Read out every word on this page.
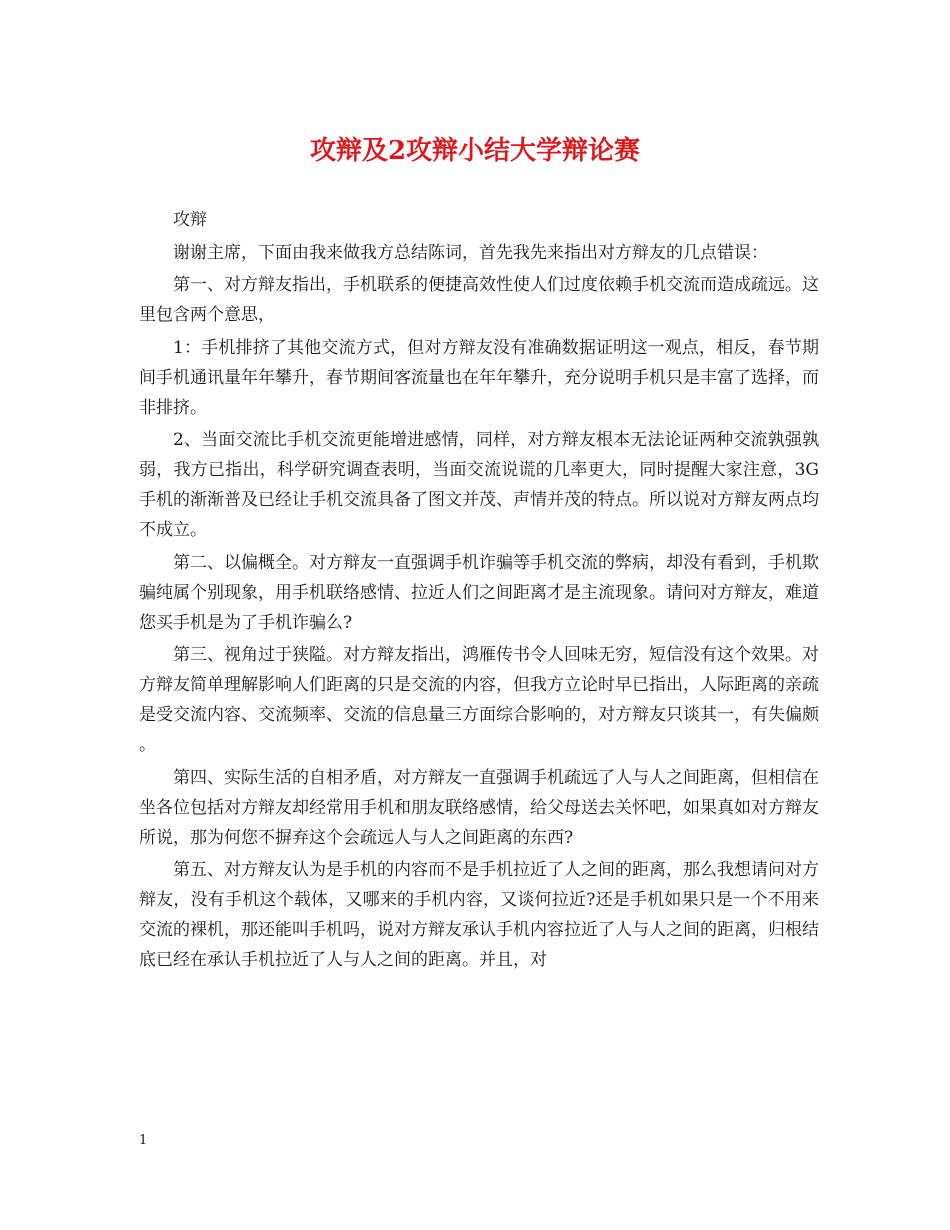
攻辩及2攻辩小结大学辩论赛

攻辩

谢谢主席，下面由我来做我方总结陈词，首先我先来指出对方辩友的几点错误：

第一、对方辩友指出，手机联系的便捷高效性使人们过度依赖手机交流而造成疏远。这里包含两个意思，

1：手机排挤了其他交流方式，但对方辩友没有准确数据证明这一观点，相反，春节期间手机通讯量年年攀升，春节期间客流量也在年年攀升，充分说明手机只是丰富了选择，而非排挤。

2、当面交流比手机交流更能增进感情，同样，对方辩友根本无法论证两种交流孰强孰弱，我方已指出，科学研究调查表明，当面交流说谎的几率更大，同时提醒大家注意，3G手机的渐渐普及已经让手机交流具备了图文并茂、声情并茂的特点。所以说对方辩友两点均不成立。

第二、以偏概全。对方辩友一直强调手机诈骗等手机交流的弊病，却没有看到，手机欺骗纯属个别现象，用手机联络感情、拉近人们之间距离才是主流现象。请问对方辩友，难道您买手机是为了手机诈骗么?

第三、视角过于狭隘。对方辩友指出，鸿雁传书令人回味无穷，短信没有这个效果。对方辩友简单理解影响人们距离的只是交流的内容，但我方立论时早已指出，人际距离的亲疏是受交流内容、交流频率、交流的信息量三方面综合影响的，对方辩友只谈其一，有失偏颇 。

第四、实际生活的自相矛盾，对方辩友一直强调手机疏远了人与人之间距离，但相信在坐各位包括对方辩友却经常用手机和朋友联络感情，给父母送去关怀吧，如果真如对方辩友所说，那为何您不摒弃这个会疏远人与人之间距离的东西?

第五、对方辩友认为是手机的内容而不是手机拉近了人之间的距离，那么我想请问对方辩友，没有手机这个载体，又哪来的手机内容，又谈何拉近?还是手机如果只是一个不用来交流的裸机，那还能叫手机吗，说对方辩友承认手机内容拉近了人与人之间的距离，归根结底已经在承认手机拉近了人与人之间的距离。并且，对

1
